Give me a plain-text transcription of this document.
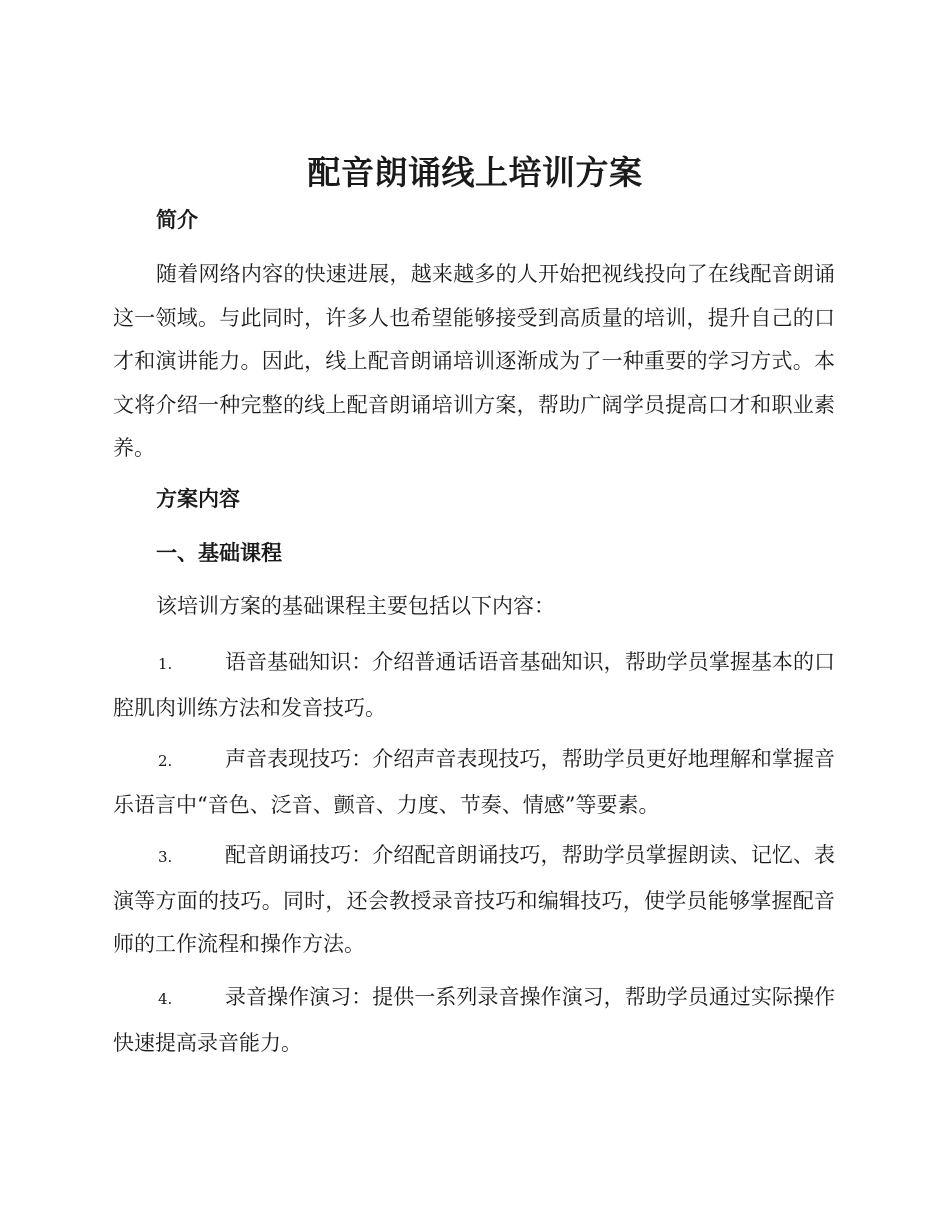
配音朗诵线上培训方案
简介
随着网络内容的快速进展，越来越多的人开始把视线投向了在线配音朗诵这一领域。与此同时，许多人也希望能够接受到高质量的培训，提升自己的口才和演讲能力。因此，线上配音朗诵培训逐渐成为了一种重要的学习方式。本文将介绍一种完整的线上配音朗诵培训方案，帮助广阔学员提高口才和职业素养。
方案内容
一、基础课程
该培训方案的基础课程主要包括以下内容：
1.	语音基础知识：介绍普通话语音基础知识，帮助学员掌握基本的口腔肌肉训练方法和发音技巧。
2.	声音表现技巧：介绍声音表现技巧，帮助学员更好地理解和掌握音乐语言中“音色、泛音、颤音、力度、节奏、情感”等要素。
3.	配音朗诵技巧：介绍配音朗诵技巧，帮助学员掌握朗读、记忆、表演等方面的技巧。同时，还会教授录音技巧和编辑技巧，使学员能够掌握配音师的工作流程和操作方法。
4.	录音操作演习：提供一系列录音操作演习，帮助学员通过实际操作快速提高录音能力。
